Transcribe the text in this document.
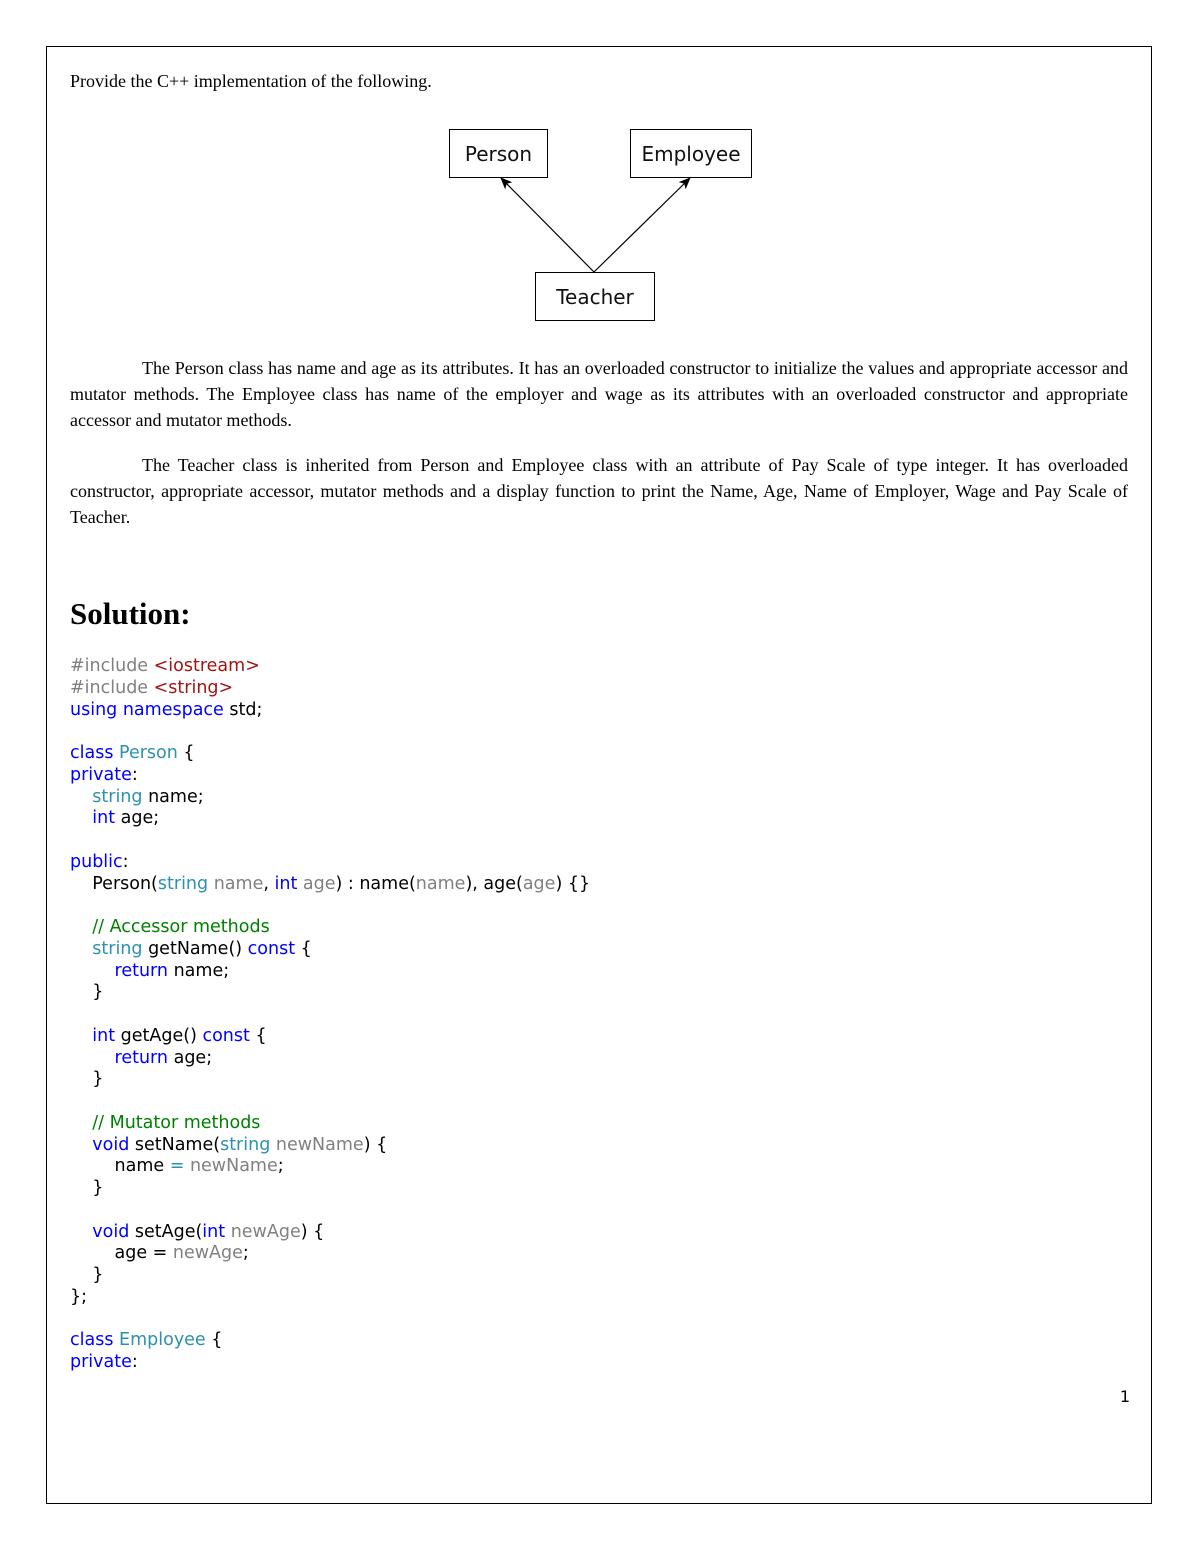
Provide the C++ implementation of the following.

Person	Employee
Teacher

The Person class has name and age as its attributes. It has an overloaded constructor to initialize the values and appropriate accessor and mutator methods. The Employee class has name of the employer and wage as its attributes with an overloaded constructor and appropriate accessor and mutator methods.

The Teacher class is inherited from Person and Employee class with an attribute of Pay Scale of type integer. It has overloaded constructor, appropriate accessor, mutator methods and a display function to print the Name, Age, Name of Employer, Wage and Pay Scale of Teacher.

Solution:
#include <iostream>
#include <string>
using namespace std;
class Person {
private:
string name;
int age;
public:
Person(string name, int age) : name(name), age(age) {}
// Accessor methods
string getName() const {
return name;
}
int getAge() const {
return age;
}
// Mutator methods
void setName(string newName) {
name = newName;
}
void setAge(int newAge) {
age = newAge;
}
};
class Employee {
private:
1
